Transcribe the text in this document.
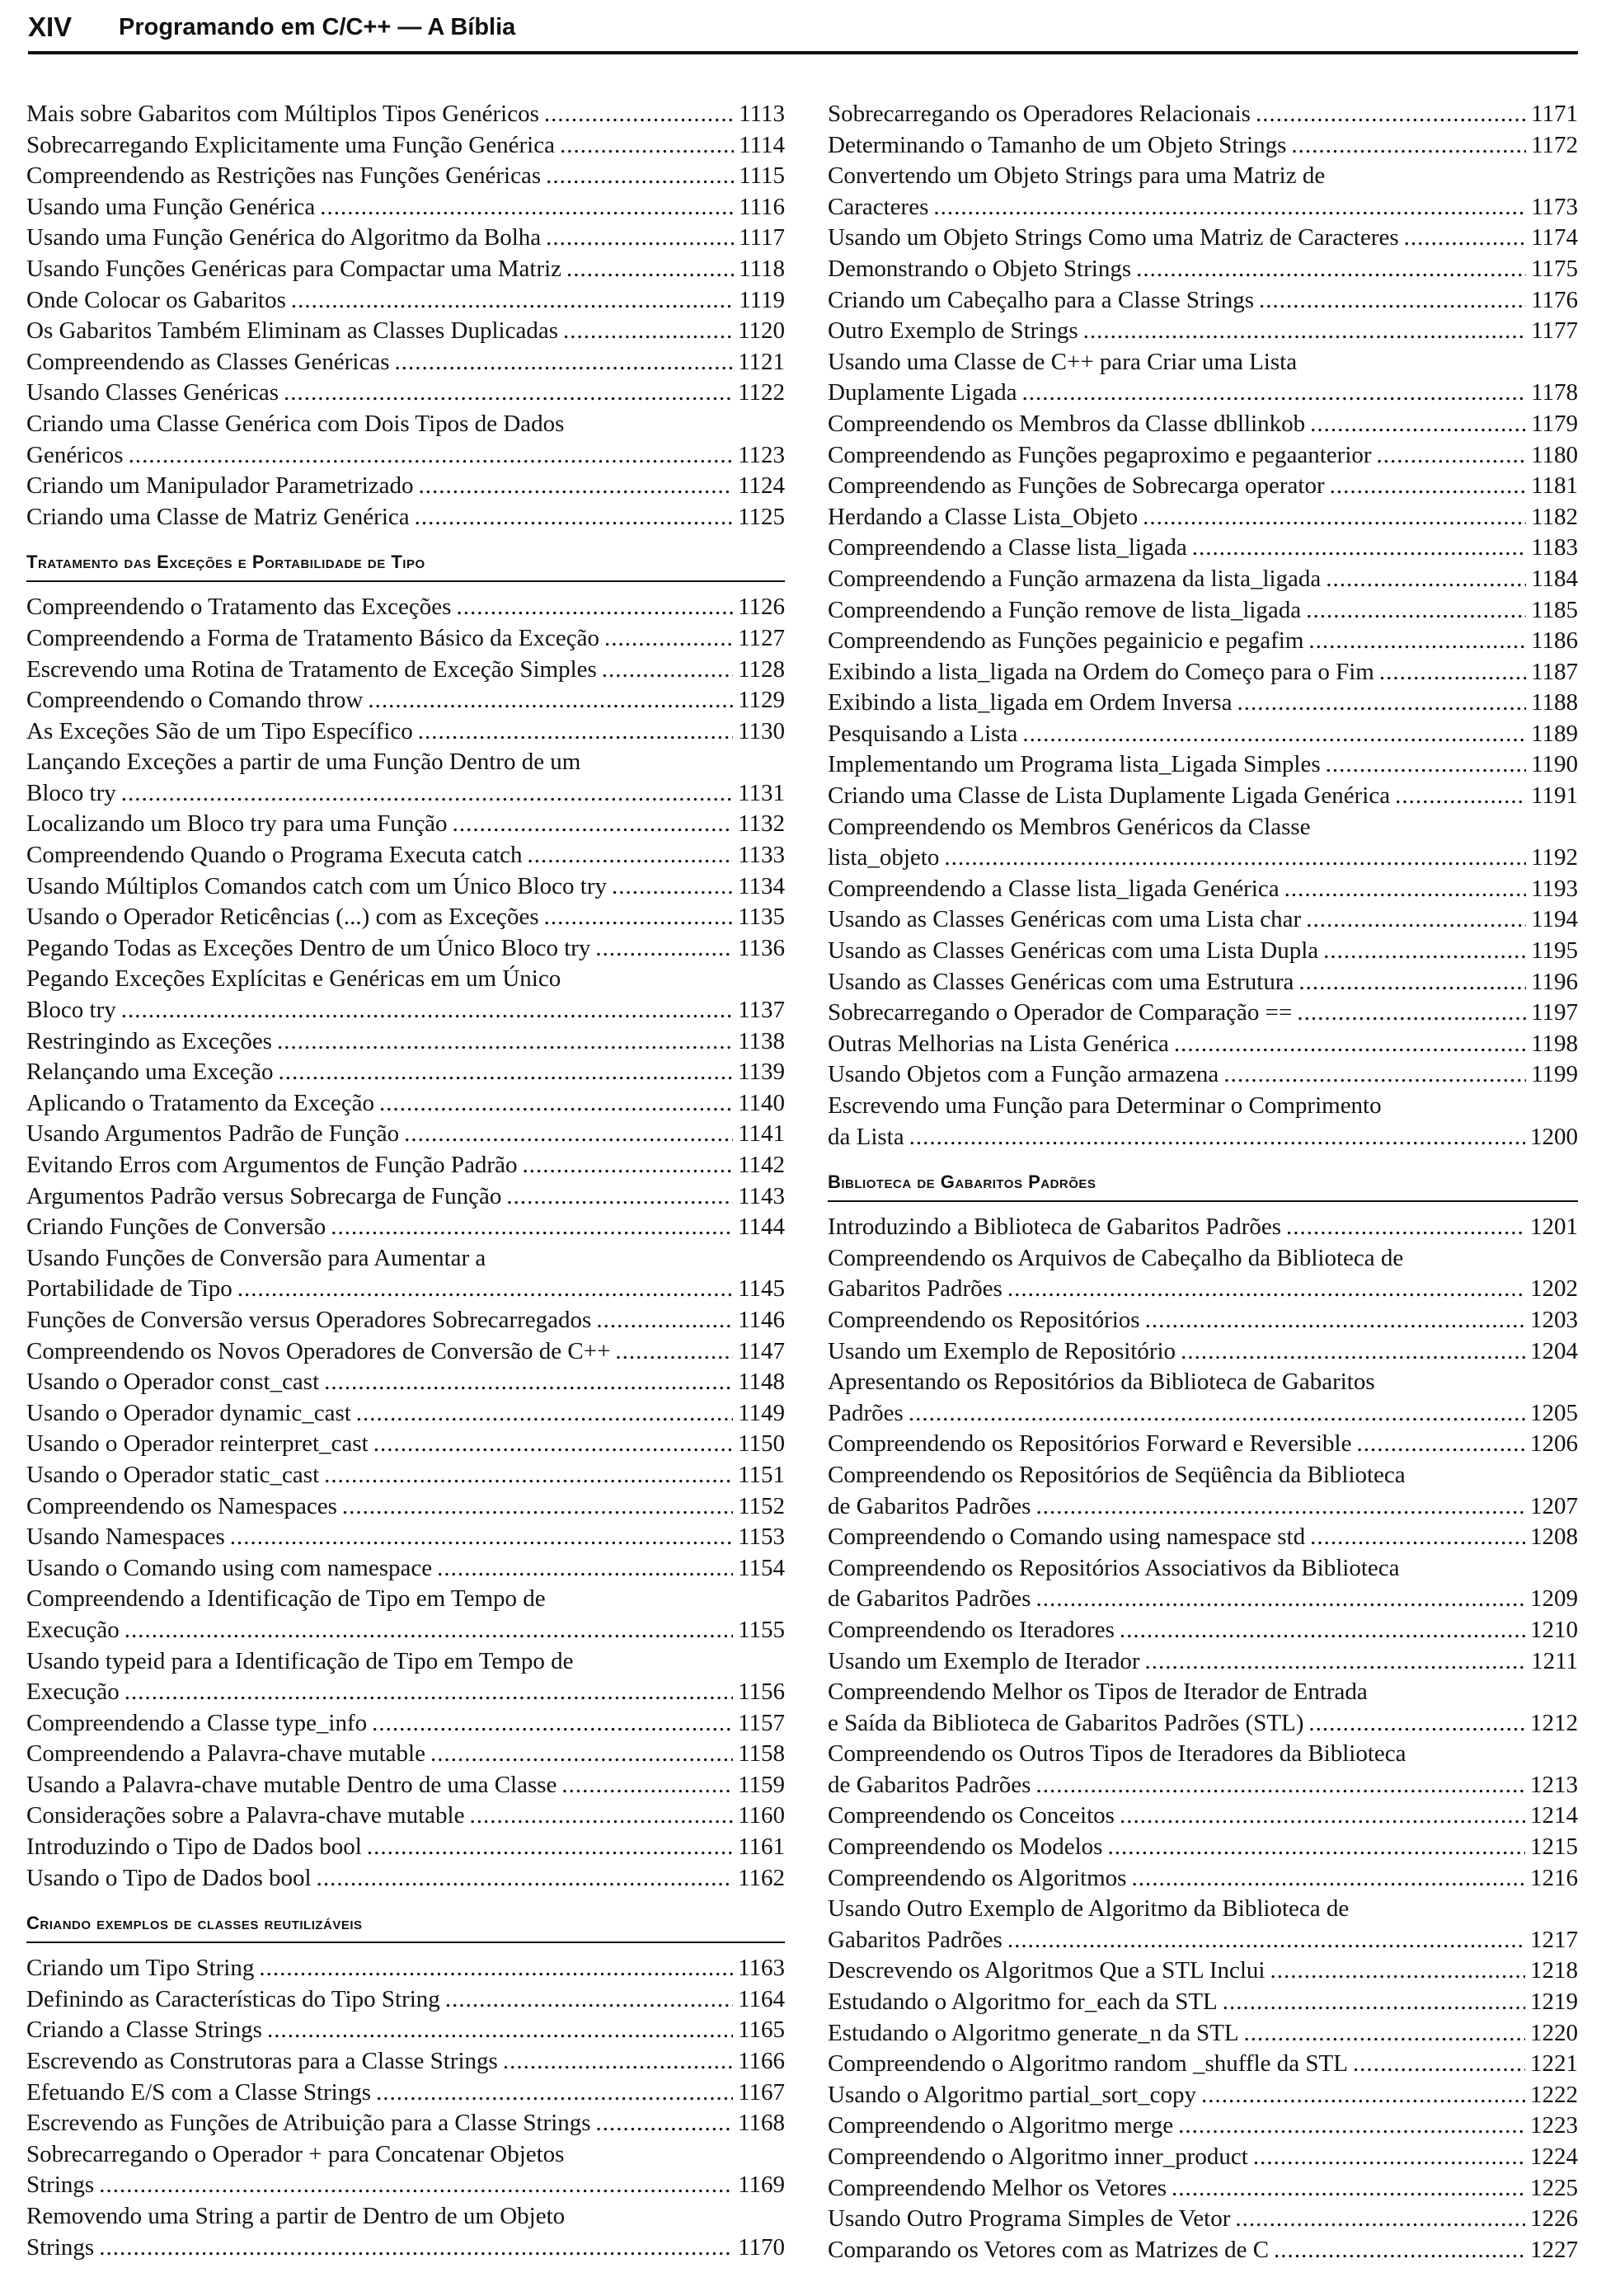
XIV Programando em C/C++ — A Bíblia
Mais sobre Gabaritos com Múltiplos Tipos Genéricos .....	1113
Sobrecarregando Explicitamente uma Função Genérica .....	1114
Compreendendo as Restrições nas Funções Genéricas .....	1115
Usando uma Função Genérica .....	1116
Usando uma Função Genérica do Algoritmo da Bolha .....	1117
Usando Funções Genéricas para Compactar uma Matriz .....	1118
Onde Colocar os Gabaritos .....	1119
Os Gabaritos Também Eliminam as Classes Duplicadas .....	1120
Compreendendo as Classes Genéricas .....	1121
Usando Classes Genéricas .....	1122
Criando uma Classe Genérica com Dois Tipos de Dados
Genéricos .....	1123
Criando um Manipulador Parametrizado .....	1124
Criando uma Classe de Matriz Genérica .....	1125
Tratamento das Exceções e Portabilidade de Tipo
Compreendendo o Tratamento das Exceções .....	1126
Compreendendo a Forma de Tratamento Básico da Exceção .....	1127
Escrevendo uma Rotina de Tratamento de Exceção Simples .....	1128
Compreendendo o Comando throw .....	1129
As Exceções São de um Tipo Específico .....	1130
Lançando Exceções a partir de uma Função Dentro de um
Bloco try .....	1131
Localizando um Bloco try para uma Função .....	1132
Compreendendo Quando o Programa Executa catch .....	1133
Usando Múltiplos Comandos catch com um Único Bloco try .....	1134
Usando o Operador Reticências (...) com as Exceções .....	1135
Pegando Todas as Exceções Dentro de um Único Bloco try .....	1136
Pegando Exceções Explícitas e Genéricas em um Único
Bloco try .....	1137
Restringindo as Exceções .....	1138
Relançando uma Exceção .....	1139
Aplicando o Tratamento da Exceção .....	1140
Usando Argumentos Padrão de Função .....	1141
Evitando Erros com Argumentos de Função Padrão .....	1142
Argumentos Padrão versus Sobrecarga de Função .....	1143
Criando Funções de Conversão .....	1144
Usando Funções de Conversão para Aumentar a
Portabilidade de Tipo .....	1145
Funções de Conversão versus Operadores Sobrecarregados .....	1146
Compreendendo os Novos Operadores de Conversão de C++ .....	1147
Usando o Operador const_cast .....	1148
Usando o Operador dynamic_cast .....	1149
Usando o Operador reinterpret_cast .....	1150
Usando o Operador static_cast .....	1151
Compreendendo os Namespaces .....	1152
Usando Namespaces .....	1153
Usando o Comando using com namespace .....	1154
Compreendendo a Identificação de Tipo em Tempo de
Execução .....	1155
Usando typeid para a Identificação de Tipo em Tempo de
Execução .....	1156
Compreendendo a Classe type_info .....	1157
Compreendendo a Palavra-chave mutable .....	1158
Usando a Palavra-chave mutable Dentro de uma Classe .....	1159
Considerações sobre a Palavra-chave mutable .....	1160
Introduzindo o Tipo de Dados bool .....	1161
Usando o Tipo de Dados bool .....	1162
Criando exemplos de classes reutilizáveis
Criando um Tipo String .....	1163
Definindo as Características do Tipo String .....	1164
Criando a Classe Strings .....	1165
Escrevendo as Construtoras para a Classe Strings .....	1166
Efetuando E/S com a Classe Strings .....	1167
Escrevendo as Funções de Atribuição para a Classe Strings .....	1168
Sobrecarregando o Operador + para Concatenar Objetos
Strings .....	1169
Removendo uma String a partir de Dentro de um Objeto
Strings .....	1170
Sobrecarregando os Operadores Relacionais .....	1171
Determinando o Tamanho de um Objeto Strings .....	1172
Convertendo um Objeto Strings para uma Matriz de
Caracteres .....	1173
Usando um Objeto Strings Como uma Matriz de Caracteres .....	1174
Demonstrando o Objeto Strings .....	1175
Criando um Cabeçalho para a Classe Strings .....	1176
Outro Exemplo de Strings .....	1177
Usando uma Classe de C++ para Criar uma Lista
Duplamente Ligada .....	1178
Compreendendo os Membros da Classe dbllinkob .....	1179
Compreendendo as Funções pegaproximo e pegaanterior .....	1180
Compreendendo as Funções de Sobrecarga operator .....	1181
Herdando a Classe Lista_Objeto .....	1182
Compreendendo a Classe lista_ligada .....	1183
Compreendendo a Função armazena da lista_ligada .....	1184
Compreendendo a Função remove de lista_ligada .....	1185
Compreendendo as Funções pegainicio e pegafim .....	1186
Exibindo a lista_ligada na Ordem do Começo para o Fim .....	1187
Exibindo a lista_ligada em Ordem Inversa .....	1188
Pesquisando a Lista .....	1189
Implementando um Programa lista_Ligada Simples .....	1190
Criando uma Classe de Lista Duplamente Ligada Genérica .....	1191
Compreendendo os Membros Genéricos da Classe
lista_objeto .....	1192
Compreendendo a Classe lista_ligada Genérica .....	1193
Usando as Classes Genéricas com uma Lista char .....	1194
Usando as Classes Genéricas com uma Lista Dupla .....	1195
Usando as Classes Genéricas com uma Estrutura .....	1196
Sobrecarregando o Operador de Comparação == .....	1197
Outras Melhorias na Lista Genérica .....	1198
Usando Objetos com a Função armazena .....	1199
Escrevendo uma Função para Determinar o Comprimento
da Lista .....	1200
Biblioteca de Gabaritos Padrões
Introduzindo a Biblioteca de Gabaritos Padrões .....	1201
Compreendendo os Arquivos de Cabeçalho da Biblioteca de
Gabaritos Padrões .....	1202
Compreendendo os Repositórios .....	1203
Usando um Exemplo de Repositório .....	1204
Apresentando os Repositórios da Biblioteca de Gabaritos
Padrões .....	1205
Compreendendo os Repositórios Forward e Reversible .....	1206
Compreendendo os Repositórios de Seqüência da Biblioteca
de Gabaritos Padrões .....	1207
Compreendendo o Comando using namespace std .....	1208
Compreendendo os Repositórios Associativos da Biblioteca
de Gabaritos Padrões .....	1209
Compreendendo os Iteradores .....	1210
Usando um Exemplo de Iterador .....	1211
Compreendendo Melhor os Tipos de Iterador de Entrada
e Saída da Biblioteca de Gabaritos Padrões (STL) .....	1212
Compreendendo os Outros Tipos de Iteradores da Biblioteca
de Gabaritos Padrões .....	1213
Compreendendo os Conceitos .....	1214
Compreendendo os Modelos .....	1215
Compreendendo os Algoritmos .....	1216
Usando Outro Exemplo de Algoritmo da Biblioteca de
Gabaritos Padrões .....	1217
Descrevendo os Algoritmos Que a STL Inclui .....	1218
Estudando o Algoritmo for_each da STL .....	1219
Estudando o Algoritmo generate_n da STL .....	1220
Compreendendo o Algoritmo random _shuffle da STL .....	1221
Usando o Algoritmo partial_sort_copy .....	1222
Compreendendo o Algoritmo merge .....	1223
Compreendendo o Algoritmo inner_product .....	1224
Compreendendo Melhor os Vetores .....	1225
Usando Outro Programa Simples de Vetor .....	1226
Comparando os Vetores com as Matrizes de C .....	1227
